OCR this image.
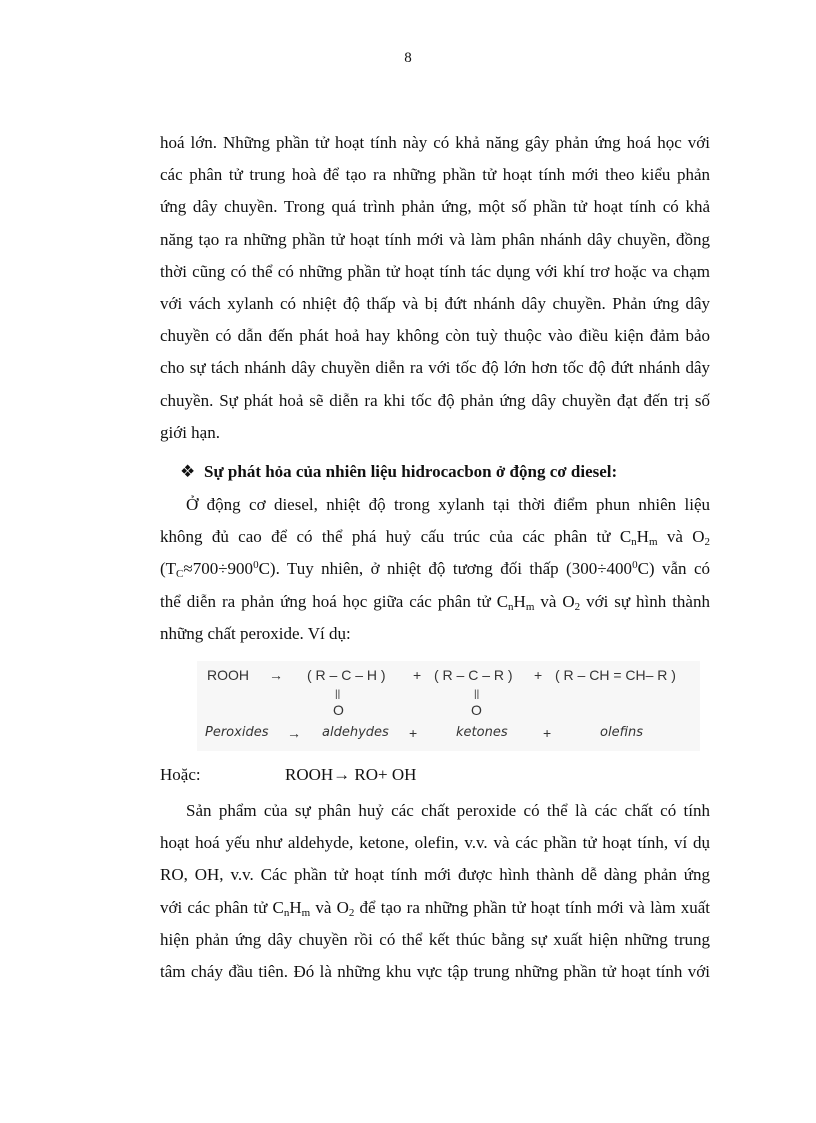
8
hoá lớn. Những phần tử hoạt tính này có khả năng gây phản ứng hoá học với
các phân tử trung hoà để tạo ra những phần tử hoạt tính mới theo kiểu phản
ứng dây chuyền. Trong quá trình phản ứng, một số phần tử hoạt tính có khả
năng tạo ra những phần tử hoạt tính mới và làm phân nhánh dây chuyền, đồng
thời cũng có thể có những phần tử hoạt tính tác dụng với khí trơ hoặc va chạm
với vách xylanh có nhiệt độ thấp và bị đứt nhánh dây chuyền. Phản ứng dây
chuyền có dẫn đến phát hoả hay không còn tuỳ thuộc vào điều kiện đảm bảo
cho sự tách nhánh dây chuyền diễn ra với tốc độ lớn hơn tốc độ đứt nhánh dây
chuyền. Sự phát hoả sẽ diễn ra khi tốc độ phản ứng dây chuyền đạt đến trị số
giới hạn.
❖ Sự phát hỏa của nhiên liệu hidrocacbon ở động cơ diesel:
Ở động cơ diesel, nhiệt độ trong xylanh tại thời điểm phun nhiên liệu
không đủ cao để có thể phá huỷ cấu trúc của các phân tử $C_nH_m$ và $O_2$
$(T_C\approx 700\div 900^0C)$. Tuy nhiên, ở nhiệt độ tương đối thấp $(300\div 400^0C)$ vẫn có
thể diễn ra phản ứng hoá học giữa các phân tử $C_nH_m$ và $O_2$ với sự hình thành
những chất peroxide. Ví dụ:
ROOH → ( R – C – H ) + ( R – C – R ) + ( R – CH = CH– R )
||	||
O	O
Peroxides → aldehydes +	ketones	+	olefins
Hoặc:	ROOH→ RO+ OH
Sản phẩm của sự phân huỷ các chất peroxide có thể là các chất có tính
hoạt hoá yếu như aldehyde, ketone, olefin, v.v. và các phần tử hoạt tính, ví dụ
RO, OH, v.v. Các phần tử hoạt tính mới được hình thành dễ dàng phản ứng
với các phân tử $C_nH_m$ và $O_2$ để tạo ra những phần tử hoạt tính mới và làm xuất
hiện phản ứng dây chuyền rồi có thể kết thúc bằng sự xuất hiện những trung
tâm cháy đầu tiên. Đó là những khu vực tập trung những phần tử hoạt tính với
